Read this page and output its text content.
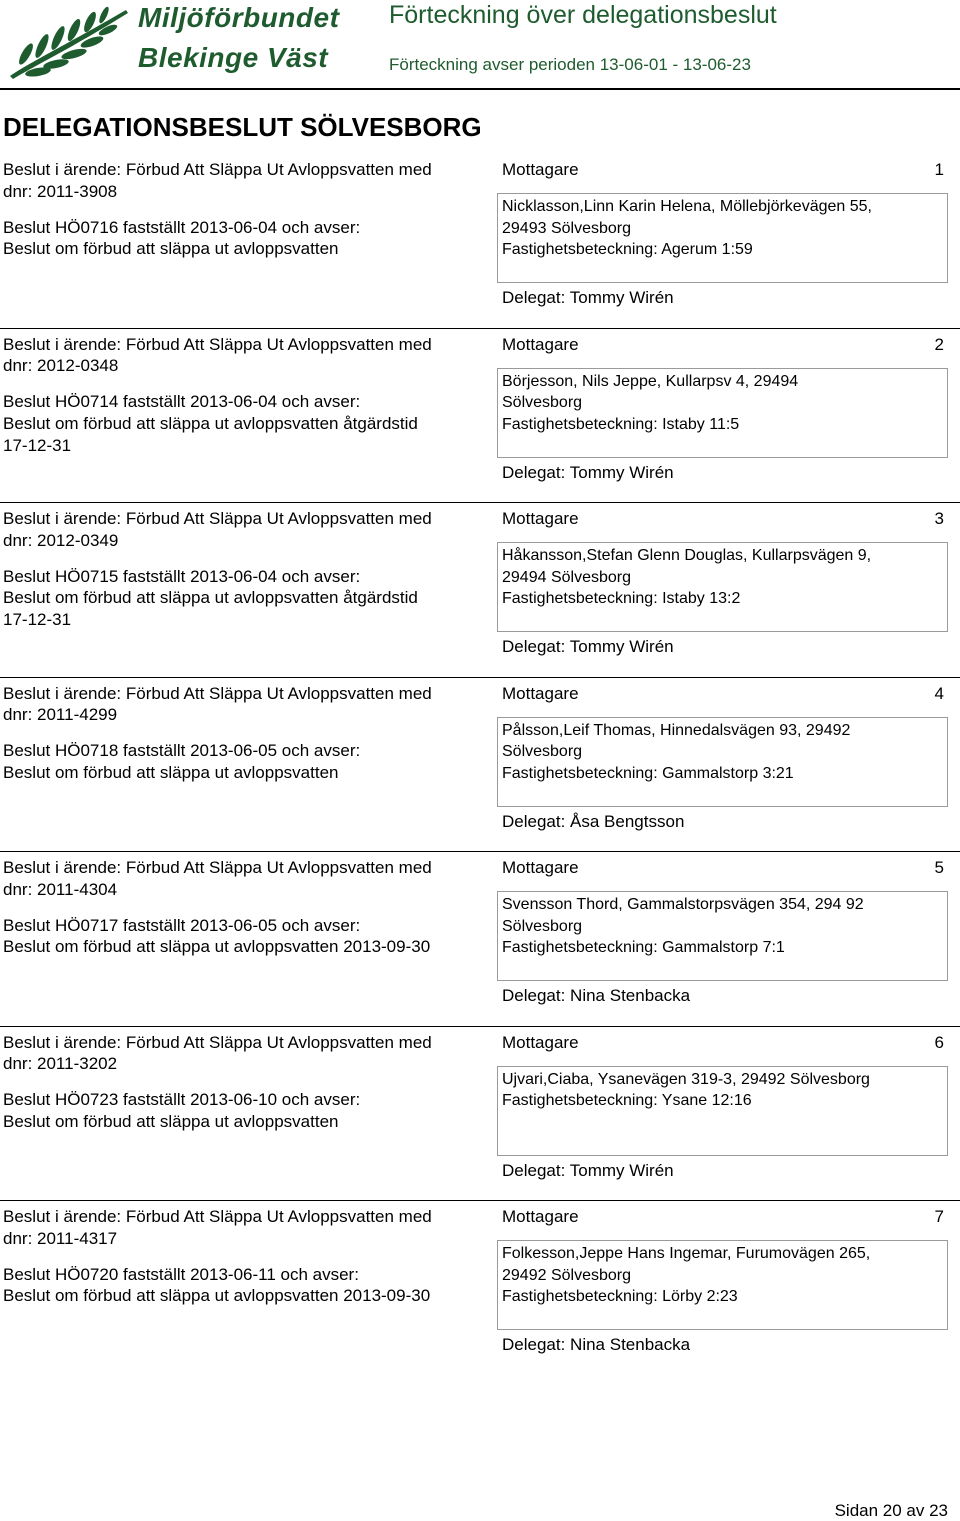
Miljöförbundet
Blekinge Väst
Förteckning över delegationsbeslut
Förteckning avser perioden 13-06-01 - 13-06-23
DELEGATIONSBESLUT SÖLVESBORG
Beslut i ärende: Förbud Att Släppa Ut Avloppsvatten med
dnr: 2011-3908
Beslut HÖ0716 fastställt 2013-06-04 och avser:
Beslut om förbud att släppa ut avloppsvatten
Mottagare	1
Nicklasson,Linn Karin Helena, Möllebjörkevägen 55,
29493 Sölvesborg
Fastighetsbeteckning: Agerum 1:59
Delegat: Tommy Wirén
Beslut i ärende: Förbud Att Släppa Ut Avloppsvatten med
dnr: 2012-0348
Beslut HÖ0714 fastställt 2013-06-04 och avser:
Beslut om förbud att släppa ut avloppsvatten åtgärdstid
17-12-31
Mottagare	2
Börjesson, Nils Jeppe, Kullarpsv 4, 29494
Sölvesborg
Fastighetsbeteckning: Istaby 11:5
Delegat: Tommy Wirén
Beslut i ärende: Förbud Att Släppa Ut Avloppsvatten med
dnr: 2012-0349
Beslut HÖ0715 fastställt 2013-06-04 och avser:
Beslut om förbud att släppa ut avloppsvatten åtgärdstid
17-12-31
Mottagare	3
Håkansson,Stefan Glenn Douglas, Kullarpsvägen 9,
29494 Sölvesborg
Fastighetsbeteckning: Istaby 13:2
Delegat: Tommy Wirén
Beslut i ärende: Förbud Att Släppa Ut Avloppsvatten med
dnr: 2011-4299
Beslut HÖ0718 fastställt 2013-06-05 och avser:
Beslut om förbud att släppa ut avloppsvatten
Mottagare	4
Pålsson,Leif Thomas, Hinnedalsvägen 93, 29492
Sölvesborg
Fastighetsbeteckning: Gammalstorp 3:21
Delegat: Åsa Bengtsson
Beslut i ärende: Förbud Att Släppa Ut Avloppsvatten med
dnr: 2011-4304
Beslut HÖ0717 fastställt 2013-06-05 och avser:
Beslut om förbud att släppa ut avloppsvatten 2013-09-30
Mottagare	5
Svensson Thord, Gammalstorpsvägen 354, 294 92
Sölvesborg
Fastighetsbeteckning: Gammalstorp 7:1
Delegat: Nina Stenbacka
Beslut i ärende: Förbud Att Släppa Ut Avloppsvatten med
dnr: 2011-3202
Beslut HÖ0723 fastställt 2013-06-10 och avser:
Beslut om förbud att släppa ut avloppsvatten
Mottagare	6
Ujvari,Ciaba, Ysanevägen 319-3, 29492 Sölvesborg
Fastighetsbeteckning: Ysane 12:16
Delegat: Tommy Wirén
Beslut i ärende: Förbud Att Släppa Ut Avloppsvatten med
dnr: 2011-4317
Beslut HÖ0720 fastställt 2013-06-11 och avser:
Beslut om förbud att släppa ut avloppsvatten 2013-09-30
Mottagare	7
Folkesson,Jeppe Hans Ingemar, Furumovägen 265,
29492 Sölvesborg
Fastighetsbeteckning: Lörby 2:23
Delegat: Nina Stenbacka
Sidan 20 av 23
